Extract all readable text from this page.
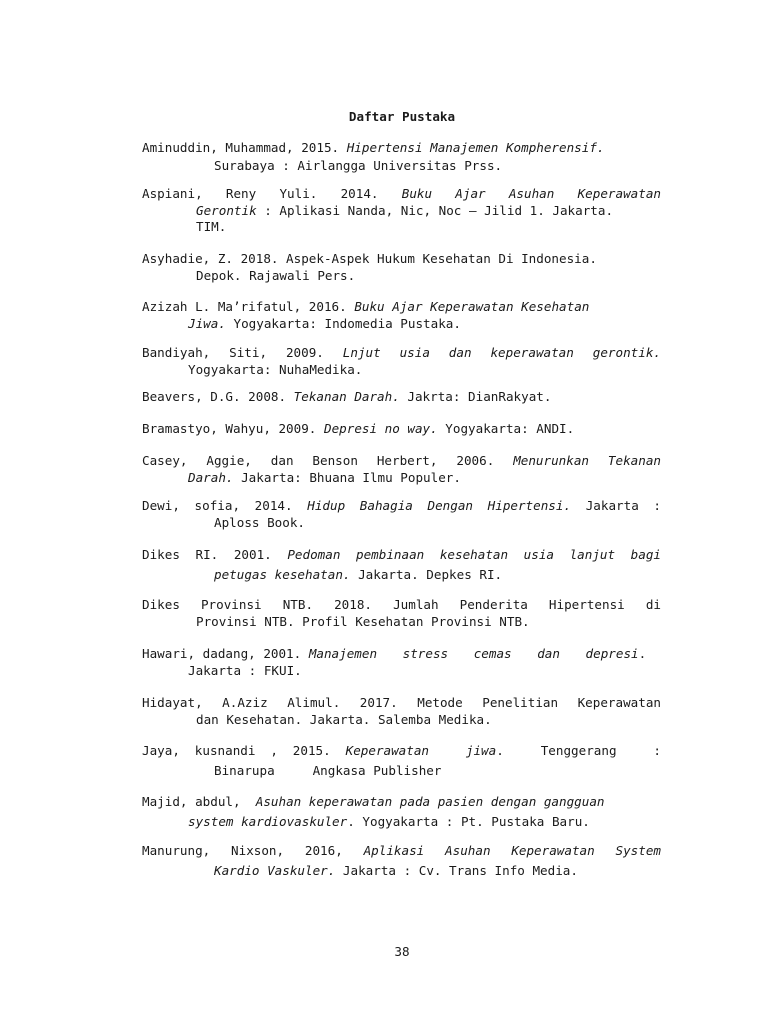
Daftar Pustaka
Aminuddin, Muhammad, 2015. Hipertensi Manajemen Kompherensif.
Surabaya : Airlangga Universitas Prss.
Aspiani, Reny Yuli. 2014. Buku Ajar Asuhan Keperawatan
Gerontik : Aplikasi Nanda, Nic, Noc – Jilid 1. Jakarta.
TIM.
Asyhadie, Z. 2018. Aspek-Aspek Hukum Kesehatan Di Indonesia.
Depok. Rajawali Pers.
Azizah L. Ma’rifatul, 2016. Buku Ajar Keperawatan Kesehatan
Jiwa. Yogyakarta: Indomedia Pustaka.
Bandiyah, Siti, 2009. Lnjut usia dan keperawatan gerontik.
Yogyakarta: NuhaMedika.
Beavers, D.G. 2008. Tekanan Darah. Jakrta: DianRakyat.
Bramastyo, Wahyu, 2009. Depresi no way. Yogyakarta: ANDI.
Casey, Aggie, dan Benson Herbert, 2006. Menurunkan Tekanan
Darah. Jakarta: Bhuana Ilmu Populer.
Dewi, sofia, 2014. Hidup Bahagia Dengan Hipertensi. Jakarta :
Aploss Book.
Dikes RI. 2001. Pedoman pembinaan kesehatan usia lanjut bagi
petugas kesehatan. Jakarta. Depkes RI.
Dikes Provinsi NTB. 2018. Jumlah Penderita Hipertensi di
Provinsi NTB. Profil Kesehatan Provinsi NTB.
Hawari, dadang, 2001. Manajemen stress cemas dan depresi.
Jakarta : FKUI.
Hidayat, A.Aziz Alimul. 2017. Metode Penelitian Keperawatan
dan Kesehatan. Jakarta. Salemba Medika.
Jaya, kusnandi , 2015. Keperawatan jiwa. Tenggerang :
Binarupa     Angkasa Publisher
Majid, abdul,  Asuhan keperawatan pada pasien dengan gangguan
system kardiovaskuler. Yogyakarta : Pt. Pustaka Baru.
Manurung, Nixson, 2016, Aplikasi Asuhan Keperawatan System
Kardio Vaskuler. Jakarta : Cv. Trans Info Media.
38
